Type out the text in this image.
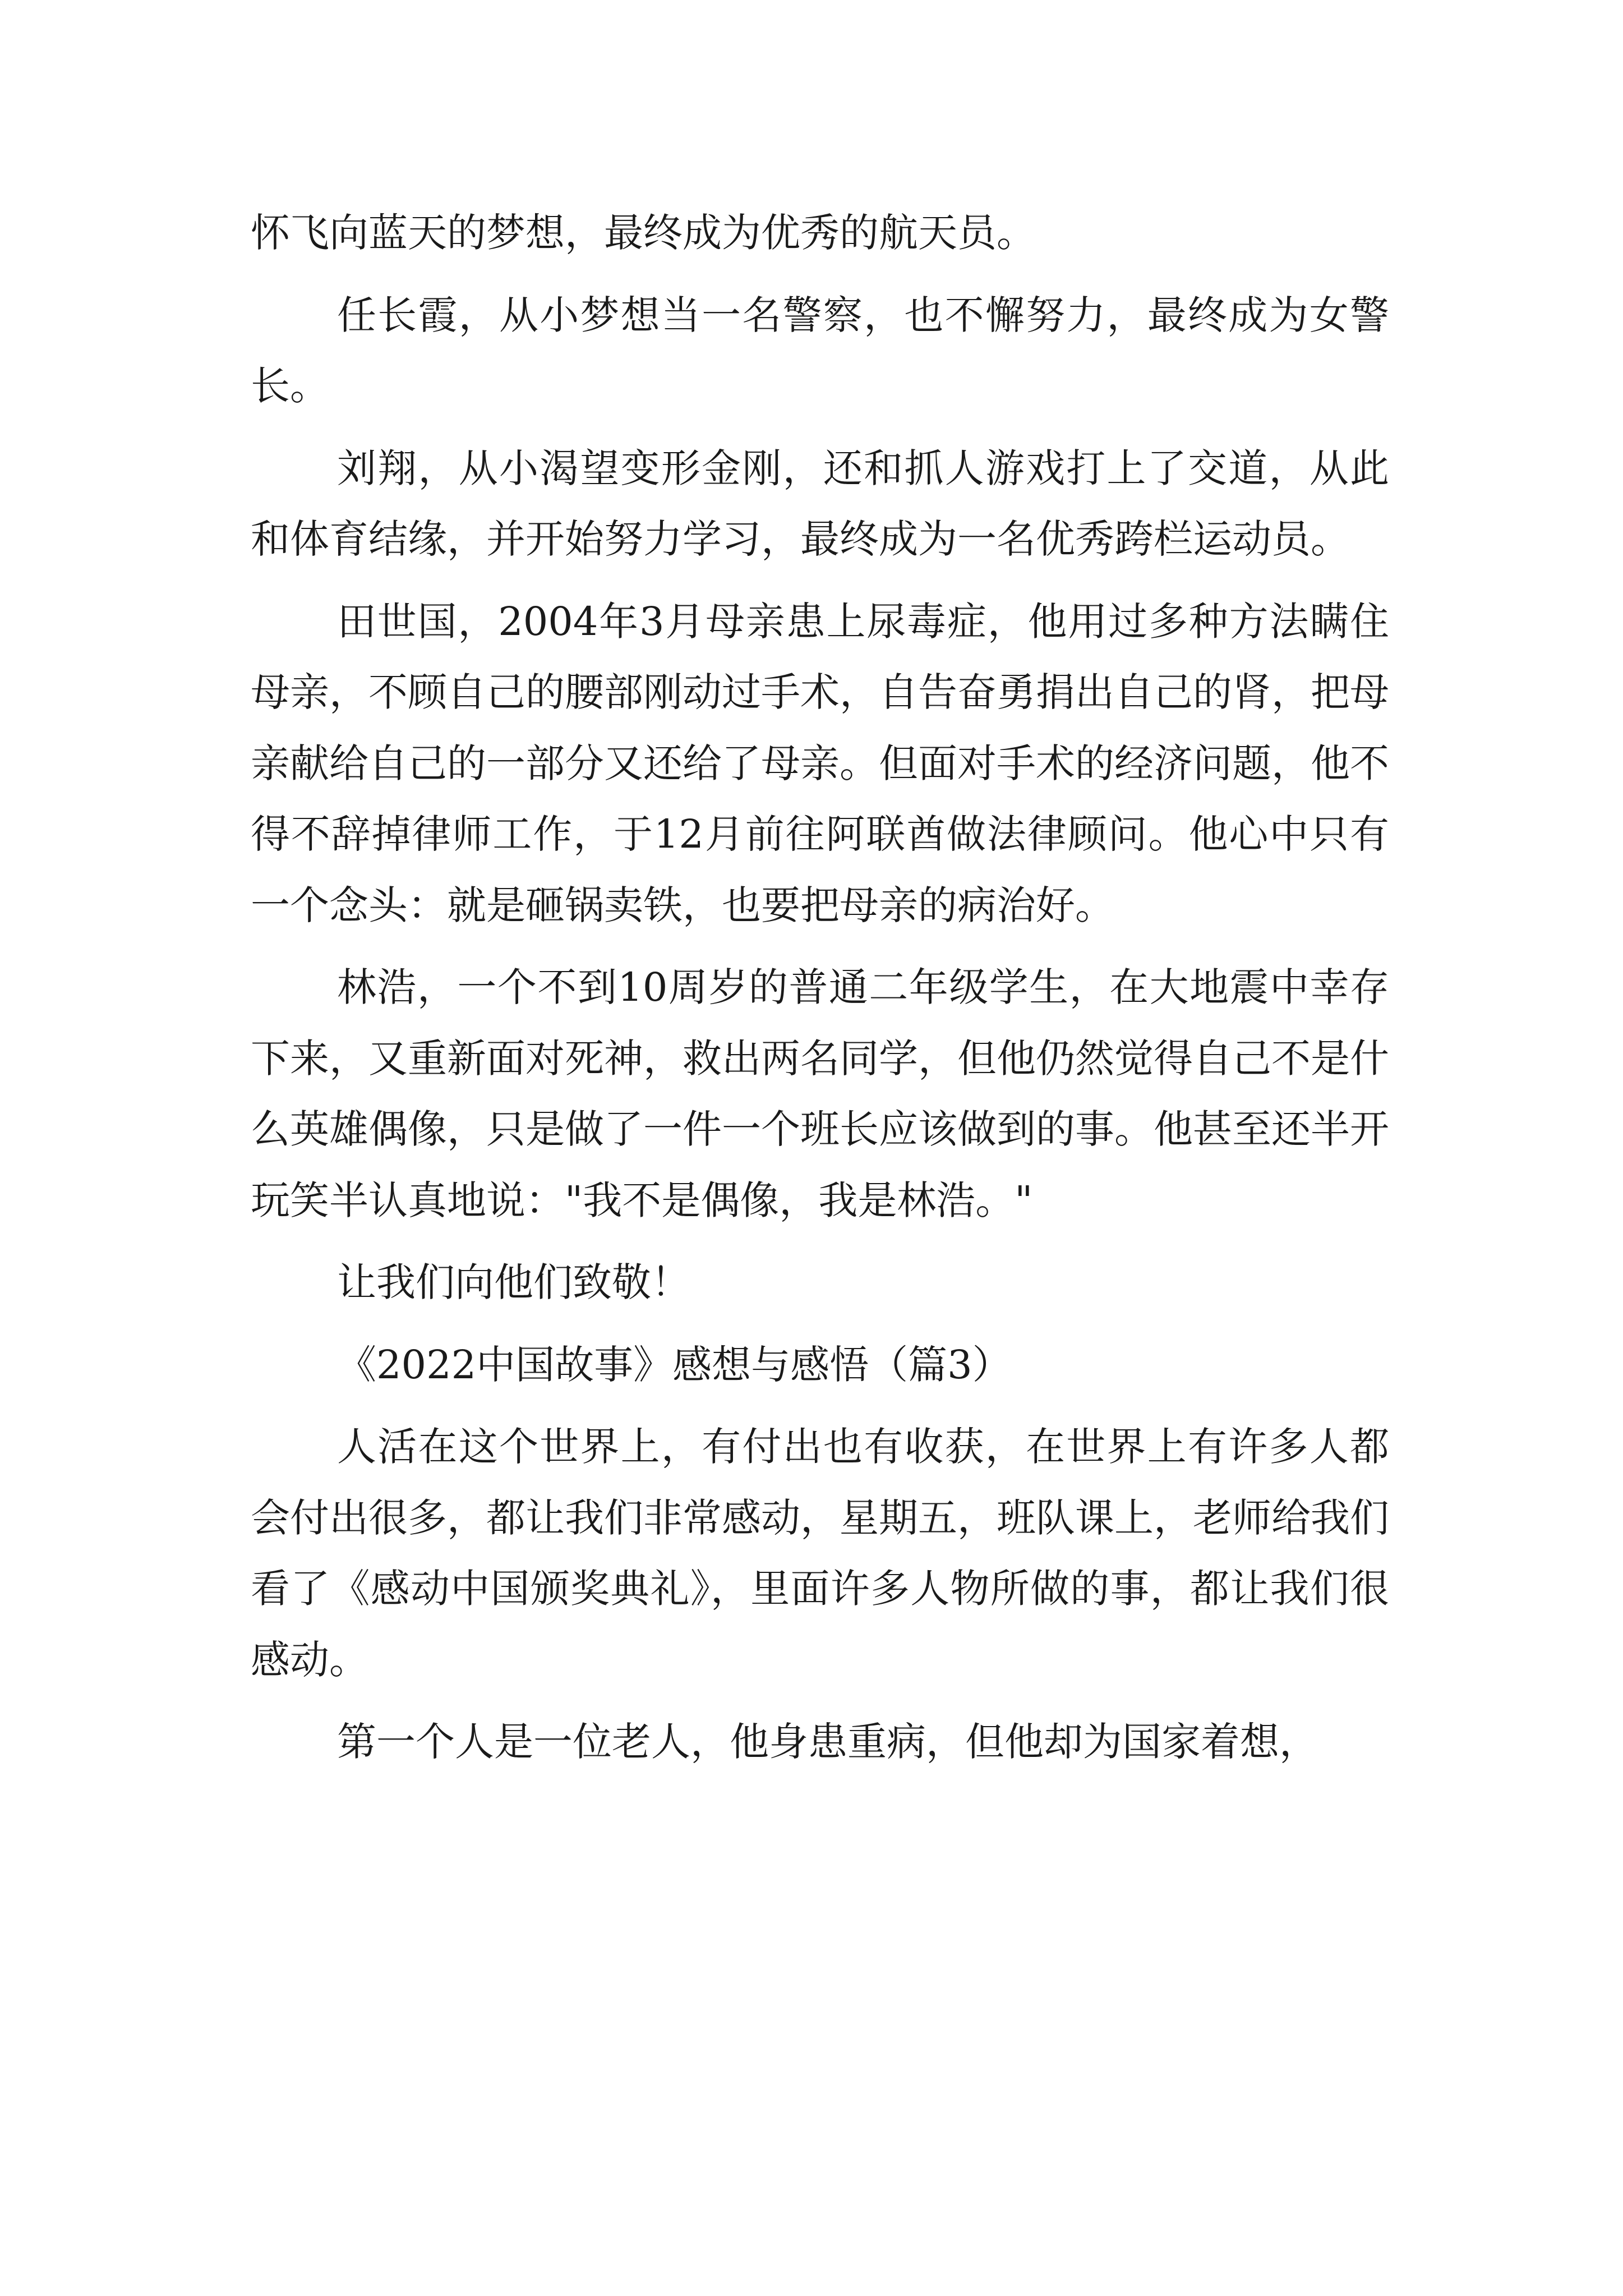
怀飞向蓝天的梦想，最终成为优秀的航天员。

任长霞，从小梦想当一名警察，也不懈努力，最终成为女警长。

刘翔，从小渴望变形金刚，还和抓人游戏打上了交道，从此和体育结缘，并开始努力学习，最终成为一名优秀跨栏运动员。

田世国，2004年3月母亲患上尿毒症，他用过多种方法瞒住母亲，不顾自己的腰部刚动过手术，自告奋勇捐出自己的肾，把母亲献给自己的一部分又还给了母亲。但面对手术的经济问题，他不得不辞掉律师工作，于12月前往阿联酋做法律顾问。他心中只有一个念头：就是砸锅卖铁，也要把母亲的病治好。

林浩，一个不到10周岁的普通二年级学生，在大地震中幸存下来，又重新面对死神，救出两名同学，但他仍然觉得自己不是什么英雄偶像，只是做了一件一个班长应该做到的事。他甚至还半开玩笑半认真地说："我不是偶像，我是林浩。"

让我们向他们致敬！

《2022中国故事》感想与感悟（篇3）

人活在这个世界上，有付出也有收获，在世界上有许多人都会付出很多，都让我们非常感动，星期五，班队课上，老师给我们看了《感动中国颁奖典礼》，里面许多人物所做的事，都让我们很感动。

第一个人是一位老人，他身患重病，但他却为国家着想，
